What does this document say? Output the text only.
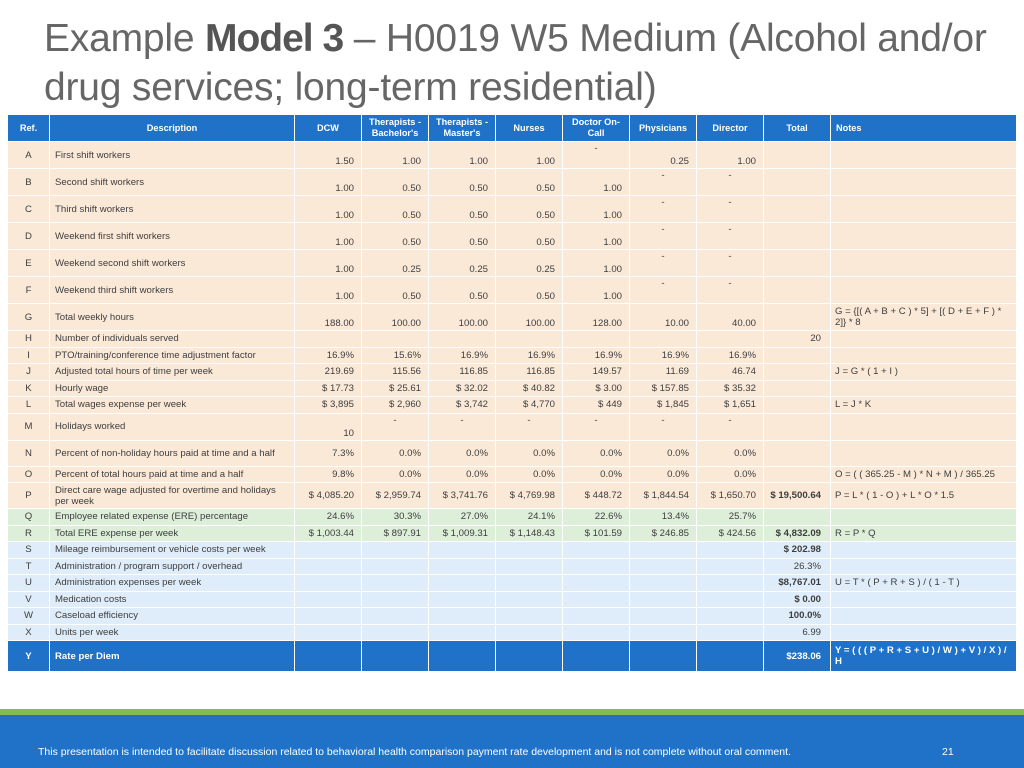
Example Model 3 – H0019 W5 Medium (Alcohol and/or drug services; long-term residential)
Ref.	Description	DCW	Therapists - Bachelor's	Therapists - Master's	Nurses	Doctor On-Call	Physicians	Director	Total	Notes
A	First shift workers	1.50	1.00	1.00	1.00	-	0.25	1.00		
B	Second shift workers	1.00	0.50	0.50	0.50	1.00	-	-		
C	Third shift workers	1.00	0.50	0.50	0.50	1.00	-	-		
D	Weekend first shift workers	1.00	0.50	0.50	0.50	1.00	-	-		
E	Weekend second shift workers	1.00	0.25	0.25	0.25	1.00	-	-		
F	Weekend third shift workers	1.00	0.50	0.50	0.50	1.00	-	-		
G	Total weekly hours	188.00	100.00	100.00	100.00	128.00	10.00	40.00		G = {[( A + B + C ) * 5] + [( D + E + F ) * 2]} * 8
H	Number of individuals served								20	
I	PTO/training/conference time adjustment factor	16.9%	15.6%	16.9%	16.9%	16.9%	16.9%	16.9%		
J	Adjusted total hours of time per week	219.69	115.56	116.85	116.85	149.57	11.69	46.74		J = G * ( 1 + I )
K	Hourly wage	$ 17.73	$ 25.61	$ 32.02	$ 40.82	$ 3.00	$ 157.85	$ 35.32		
L	Total wages expense per week	$ 3,895	$ 2,960	$ 3,742	$ 4,770	$ 449	$ 1,845	$ 1,651		L = J * K
M	Holidays worked	10	-	-	-	-	-	-		
N	Percent of non-holiday hours paid at time and a half	7.3%	0.0%	0.0%	0.0%	0.0%	0.0%	0.0%		
O	Percent of total hours paid at time and a half	9.8%	0.0%	0.0%	0.0%	0.0%	0.0%	0.0%		O = ( ( 365.25 - M ) * N + M ) / 365.25
P	Direct care wage adjusted for overtime and holidays per week	$ 4,085.20	$ 2,959.74	$ 3,741.76	$ 4,769.98	$ 448.72	$ 1,844.54	$ 1,650.70	$ 19,500.64	P = L * ( 1 - O ) + L * O * 1.5
Q	Employee related expense (ERE) percentage	24.6%	30.3%	27.0%	24.1%	22.6%	13.4%	25.7%		
R	Total ERE expense per week	$ 1,003.44	$ 897.91	$ 1,009.31	$ 1,148.43	$ 101.59	$ 246.85	$ 424.56	$ 4,832.09	R = P * Q
S	Mileage reimbursement or vehicle costs per week								$ 202.98	
T	Administration / program support / overhead								26.3%	
U	Administration expenses per week								$8,767.01	U = T * ( P + R + S ) / ( 1 - T )
V	Medication costs								$ 0.00	
W	Caseload efficiency								100.0%	
X	Units per week								6.99	
Y	Rate per Diem								$238.06	Y = ( ( ( P + R + S + U ) / W ) + V ) / X ) / H
This presentation is intended to facilitate discussion related to behavioral health comparison payment rate development and is not complete without oral comment.	21
